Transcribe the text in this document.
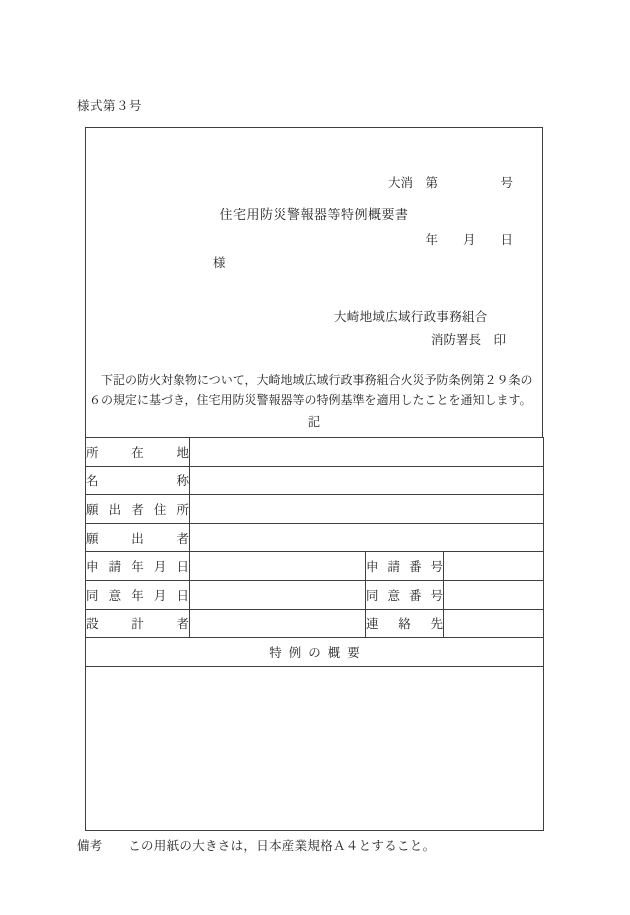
様式第３号

大消　第　　　　　号

年　　月　　日

住宅用防災警報器等特例概要書
様
大崎地域広域行政事務組合
消防署長　印
　下記の防火対象物について，大崎地域広域行政事務組合火災予防条例第２９条の
６の規定に基づき，住宅用防災警報器等の特例基準を適用したことを通知します。
記
所在地			
名称			
願出者住所			
願出者			
申請年月日		申請番号	
同意年月日		同意番号	
設計者		連絡先	
特例の概要			

備考　　この用紙の大きさは，日本産業規格Ａ４とすること。
